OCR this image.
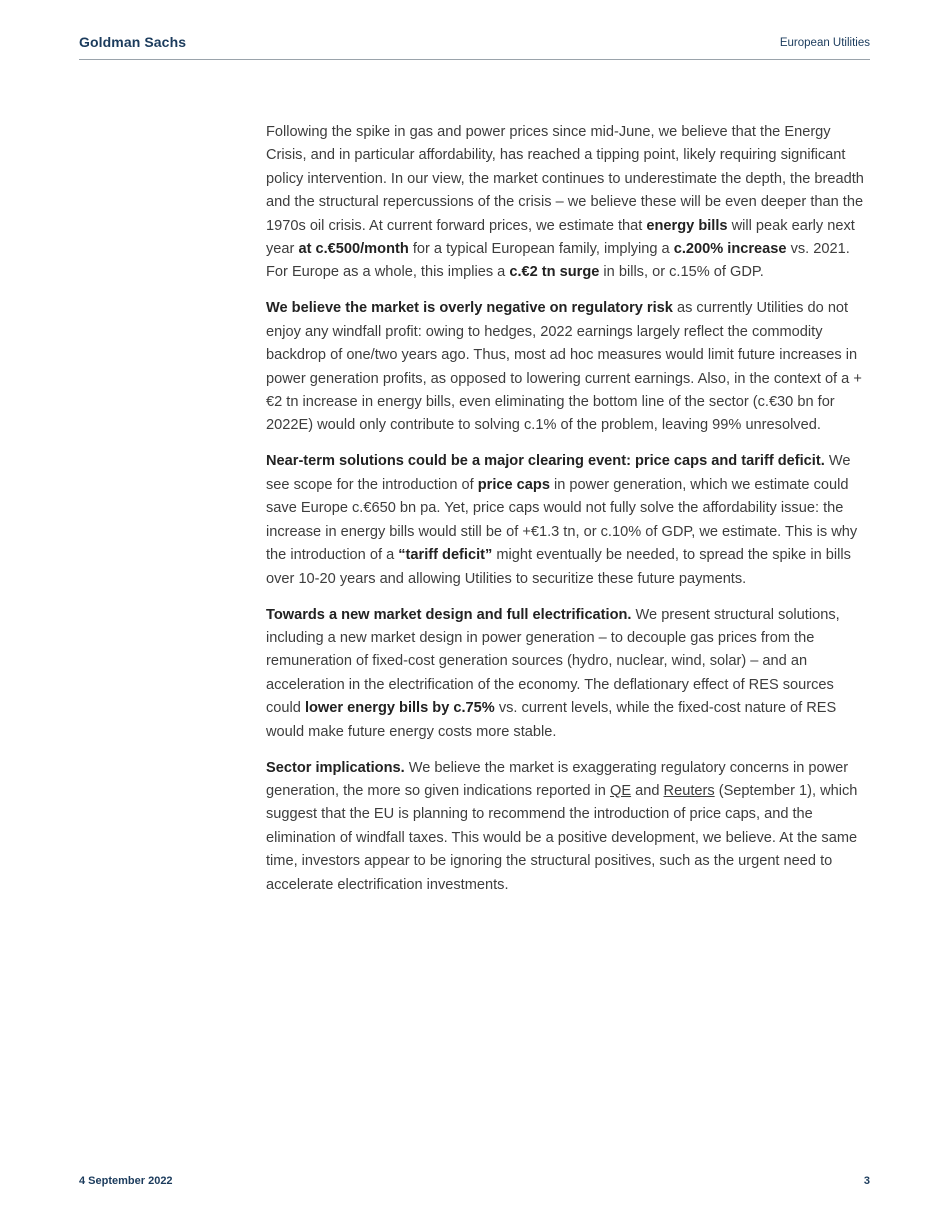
Goldman Sachs	European Utilities

Following the spike in gas and power prices since mid-June, we believe that the Energy Crisis, and in particular affordability, has reached a tipping point, likely requiring significant policy intervention. In our view, the market continues to underestimate the depth, the breadth and the structural repercussions of the crisis – we believe these will be even deeper than the 1970s oil crisis. At current forward prices, we estimate that energy bills will peak early next year at c.€500/month for a typical European family, implying a c.200% increase vs. 2021. For Europe as a whole, this implies a c.€2 tn surge in bills, or c.15% of GDP.

We believe the market is overly negative on regulatory risk as currently Utilities do not enjoy any windfall profit: owing to hedges, 2022 earnings largely reflect the commodity backdrop of one/two years ago. Thus, most ad hoc measures would limit future increases in power generation profits, as opposed to lowering current earnings. Also, in the context of a +€2 tn increase in energy bills, even eliminating the bottom line of the sector (c.€30 bn for 2022E) would only contribute to solving c.1% of the problem, leaving 99% unresolved.

Near-term solutions could be a major clearing event: price caps and tariff deficit. We see scope for the introduction of price caps in power generation, which we estimate could save Europe c.€650 bn pa. Yet, price caps would not fully solve the affordability issue: the increase in energy bills would still be of +€1.3 tn, or c.10% of GDP, we estimate. This is why the introduction of a “tariff deficit” might eventually be needed, to spread the spike in bills over 10-20 years and allowing Utilities to securitize these future payments.

Towards a new market design and full electrification. We present structural solutions, including a new market design in power generation – to decouple gas prices from the remuneration of fixed-cost generation sources (hydro, nuclear, wind, solar) – and an acceleration in the electrification of the economy. The deflationary effect of RES sources could lower energy bills by c.75% vs. current levels, while the fixed-cost nature of RES would make future energy costs more stable.

Sector implications. We believe the market is exaggerating regulatory concerns in power generation, the more so given indications reported in QE and Reuters (September 1), which suggest that the EU is planning to recommend the introduction of price caps, and the elimination of windfall taxes. This would be a positive development, we believe. At the same time, investors appear to be ignoring the structural positives, such as the urgent need to accelerate electrification investments.

4 September 2022	3
